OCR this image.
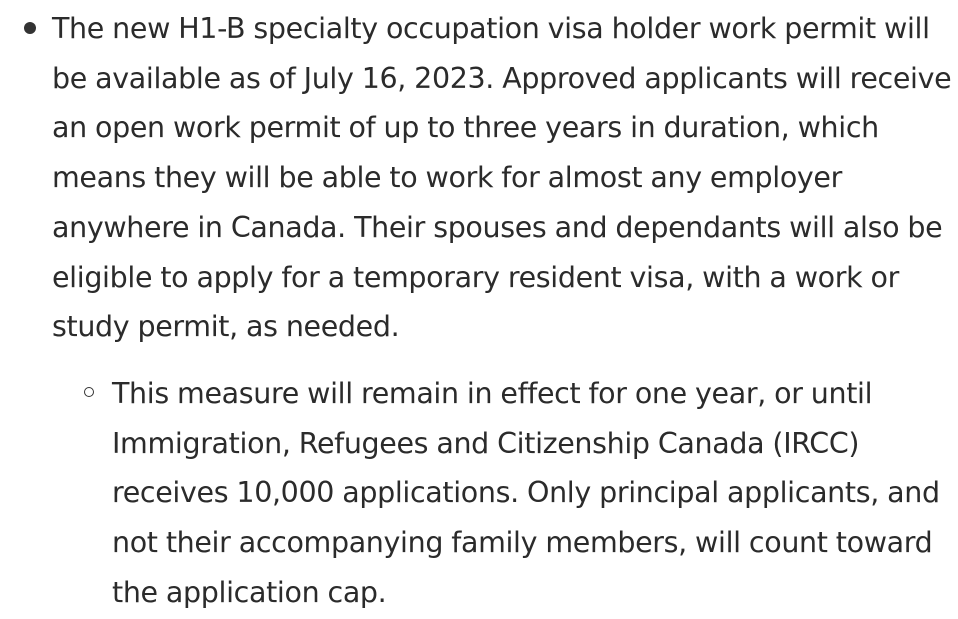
The new H1-B specialty occupation visa holder work permit will
be available as of July 16, 2023. Approved applicants will receive
an open work permit of up to three years in duration, which
means they will be able to work for almost any employer
anywhere in Canada. Their spouses and dependants will also be
eligible to apply for a temporary resident visa, with a work or
study permit, as needed.
This measure will remain in effect for one year, or until
Immigration, Refugees and Citizenship Canada (IRCC)
receives 10,000 applications. Only principal applicants, and
not their accompanying family members, will count toward
the application cap.
